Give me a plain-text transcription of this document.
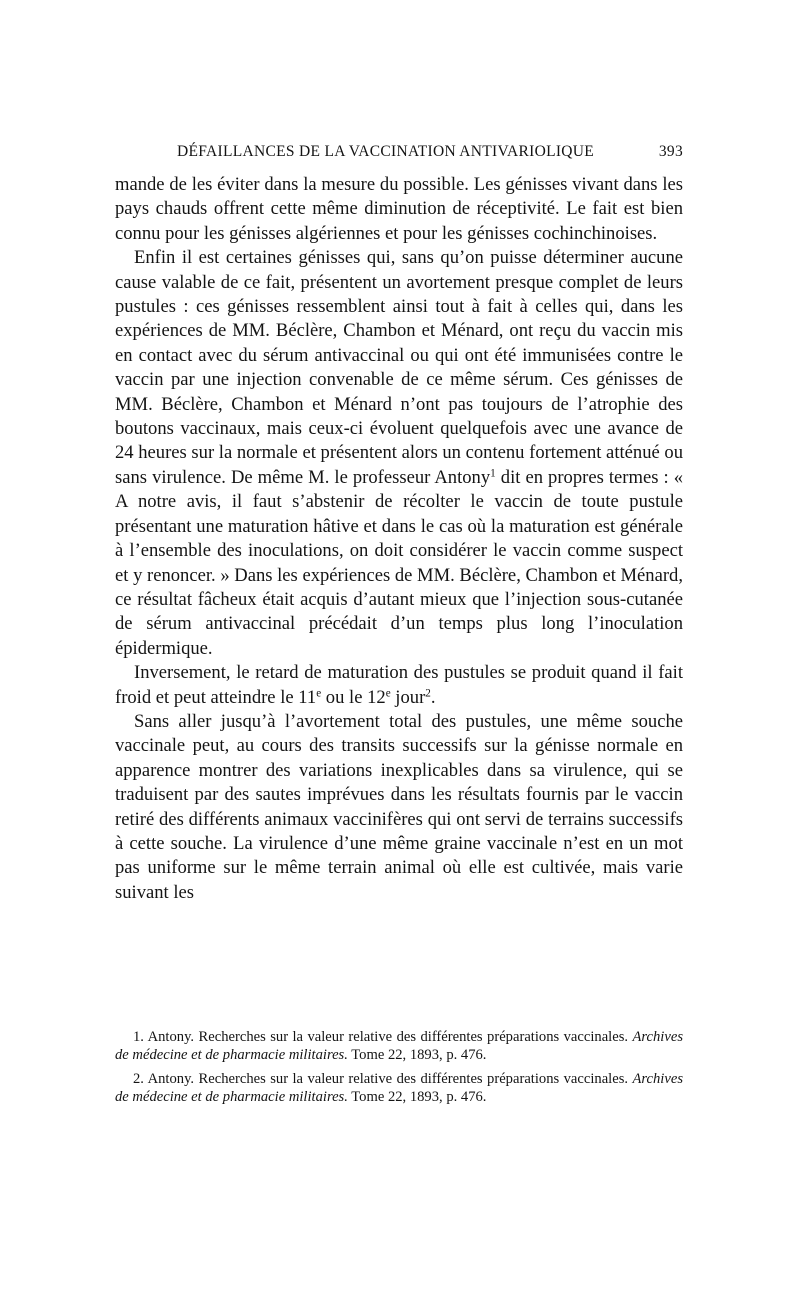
DÉFAILLANCES DE LA VACCINATION ANTIVARIOLIQUE	393

mande de les éviter dans la mesure du possible. Les génisses vivant dans les pays chauds offrent cette même diminution de réceptivité. Le fait est bien connu pour les génisses algériennes et pour les génisses cochinchinoises.

Enfin il est certaines génisses qui, sans qu’on puisse déterminer aucune cause valable de ce fait, présentent un avortement presque complet de leurs pustules : ces génisses ressemblent ainsi tout à fait à celles qui, dans les expériences de MM. Béclère, Chambon et Ménard, ont reçu du vaccin mis en contact avec du sérum antivaccinal ou qui ont été immunisées contre le vaccin par une injection convenable de ce même sérum. Ces génisses de MM. Béclère, Chambon et Ménard n’ont pas toujours de l’atrophie des boutons vaccinaux, mais ceux-ci évoluent quelquefois avec une avance de 24 heures sur la normale et présentent alors un contenu fortement atténué ou sans virulence. De même M. le professeur Antony$^1$ dit en propres termes : « A notre avis, il faut s’abstenir de récolter le vaccin de toute pustule présentant une maturation hâtive et dans le cas où la maturation est générale à l’ensemble des inoculations, on doit considérer le vaccin comme suspect et y renoncer. » Dans les expériences de MM. Béclère, Chambon et Ménard, ce résultat fâcheux était acquis d’autant mieux que l’injection sous-cutanée de sérum antivaccinal précédait d’un temps plus long l’inoculation épidermique.

Inversement, le retard de maturation des pustules se produit quand il fait froid et peut atteindre le 11e ou le 12e jour$^2$.

Sans aller jusqu’à l’avortement total des pustules, une même souche vaccinale peut, au cours des transits successifs sur la génisse normale en apparence montrer des variations inexplicables dans sa virulence, qui se traduisent par des sautes imprévues dans les résultats fournis par le vaccin retiré des différents animaux vaccinifères qui ont servi de terrains successifs à cette souche. La virulence d’une même graine vaccinale n’est en un mot pas uniforme sur le même terrain animal où elle est cultivée, mais varie suivant les

1. Antony. Recherches sur la valeur relative des différentes préparations vaccinales. Archives de médecine et de pharmacie militaires. Tome 22, 1893, p. 476.

2. Antony. Recherches sur la valeur relative des différentes préparations vaccinales. Archives de médecine et de pharmacie militaires. Tome 22, 1893, p. 476.
